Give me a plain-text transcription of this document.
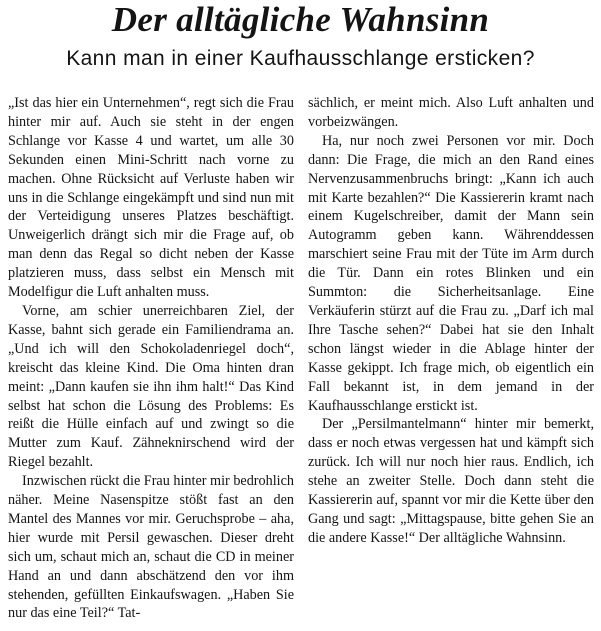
Der alltägliche Wahnsinn
Kann man in einer Kaufhausschlange ersticken?

„Ist das hier ein Unternehmen“, regt sich die Frau hinter mir auf. Auch sie steht in der engen Schlange vor Kasse 4 und wartet, um alle 30 Sekunden einen Mini-Schritt nach vorne zu machen. Ohne Rücksicht auf Verluste haben wir uns in die Schlange eingekämpft und sind nun mit der Verteidigung unseres Platzes beschäftigt. Unweigerlich drängt sich mir die Frage auf, ob man denn das Regal so dicht neben der Kasse platzieren muss, dass selbst ein Mensch mit Modelfigur die Luft anhalten muss.

Vorne, am schier unerreichbaren Ziel, der Kasse, bahnt sich gerade ein Familiendrama an. „Und ich will den Schokoladenriegel doch“, kreischt das kleine Kind. Die Oma hinten dran meint: „Dann kaufen sie ihn ihm halt!“ Das Kind selbst hat schon die Lösung des Problems: Es reißt die Hülle einfach auf und zwingt so die Mutter zum Kauf. Zähneknirschend wird der Riegel bezahlt.

Inzwischen rückt die Frau hinter mir bedrohlich näher. Meine Nasenspitze stößt fast an den Mantel des Mannes vor mir. Geruchsprobe – aha, hier wurde mit Persil gewaschen. Dieser dreht sich um, schaut mich an, schaut die CD in meiner Hand an und dann abschätzend den vor ihm stehenden, gefüllten Einkaufswagen. „Haben Sie nur das eine Teil?“ Tat-

sächlich, er meint mich. Also Luft anhalten und vorbeizwängen.

Ha, nur noch zwei Personen vor mir. Doch dann: Die Frage, die mich an den Rand eines Nervenzusammenbruchs bringt: „Kann ich auch mit Karte bezahlen?“ Die Kassiererin kramt nach einem Kugelschreiber, damit der Mann sein Autogramm geben kann. Währenddessen marschiert seine Frau mit der Tüte im Arm durch die Tür. Dann ein rotes Blinken und ein Summton: die Sicherheitsanlage. Eine Verkäuferin stürzt auf die Frau zu. „Darf ich mal Ihre Tasche sehen?“ Dabei hat sie den Inhalt schon längst wieder in die Ablage hinter der Kasse gekippt. Ich frage mich, ob eigentlich ein Fall bekannt ist, in dem jemand in der Kaufhausschlange erstickt ist.

Der „Persilmantelmann“ hinter mir bemerkt, dass er noch etwas vergessen hat und kämpft sich zurück. Ich will nur noch hier raus. Endlich, ich stehe an zweiter Stelle. Doch dann steht die Kassiererin auf, spannt vor mir die Kette über den Gang und sagt: „Mittagspause, bitte gehen Sie an die andere Kasse!“ Der alltägliche Wahnsinn.
